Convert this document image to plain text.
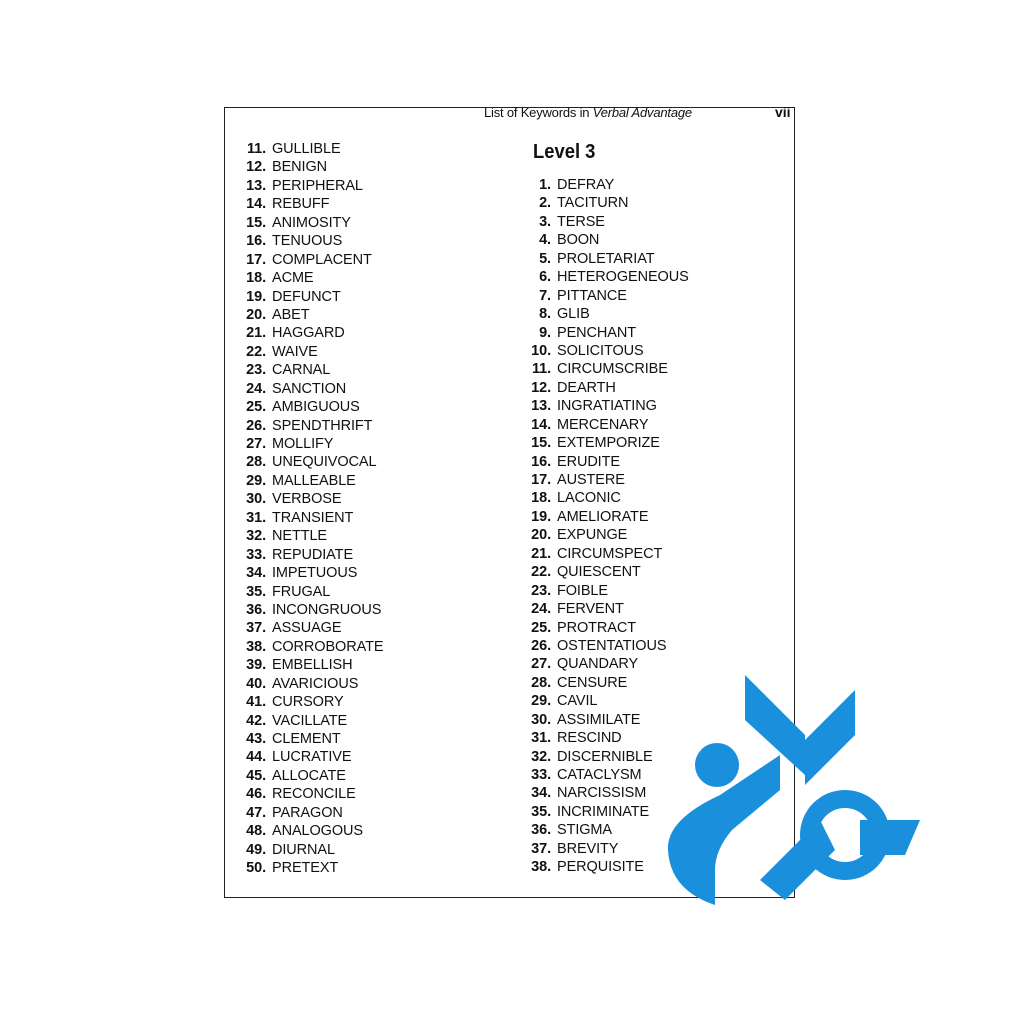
List of Keywords in Verbal Advantage	vii
Level 3
11. GULLIBLE
12. BENIGN
13. PERIPHERAL
14. REBUFF
15. ANIMOSITY
16. TENUOUS
17. COMPLACENT
18. ACME
19. DEFUNCT
20. ABET
21. HAGGARD
22. WAIVE
23. CARNAL
24. SANCTION
25. AMBIGUOUS
26. SPENDTHRIFT
27. MOLLIFY
28. UNEQUIVOCAL
29. MALLEABLE
30. VERBOSE
31. TRANSIENT
32. NETTLE
33. REPUDIATE
34. IMPETUOUS
35. FRUGAL
36. INCONGRUOUS
37. ASSUAGE
38. CORROBORATE
39. EMBELLISH
40. AVARICIOUS
41. CURSORY
42. VACILLATE
43. CLEMENT
44. LUCRATIVE
45. ALLOCATE
46. RECONCILE
47. PARAGON
48. ANALOGOUS
49. DIURNAL
50. PRETEXT
1. DEFRAY
2. TACITURN
3. TERSE
4. BOON
5. PROLETARIAT
6. HETEROGENEOUS
7. PITTANCE
8. GLIB
9. PENCHANT
10. SOLICITOUS
11. CIRCUMSCRIBE
12. DEARTH
13. INGRATIATING
14. MERCENARY
15. EXTEMPORIZE
16. ERUDITE
17. AUSTERE
18. LACONIC
19. AMELIORATE
20. EXPUNGE
21. CIRCUMSPECT
22. QUIESCENT
23. FOIBLE
24. FERVENT
25. PROTRACT
26. OSTENTATIOUS
27. QUANDARY
28. CENSURE
29. CAVIL
30. ASSIMILATE
31. RESCIND
32. DISCERNIBLE
33. CATACLYSM
34. NARCISSISM
35. INCRIMINATE
36. STIGMA
37. BREVITY
38. PERQUISITE
